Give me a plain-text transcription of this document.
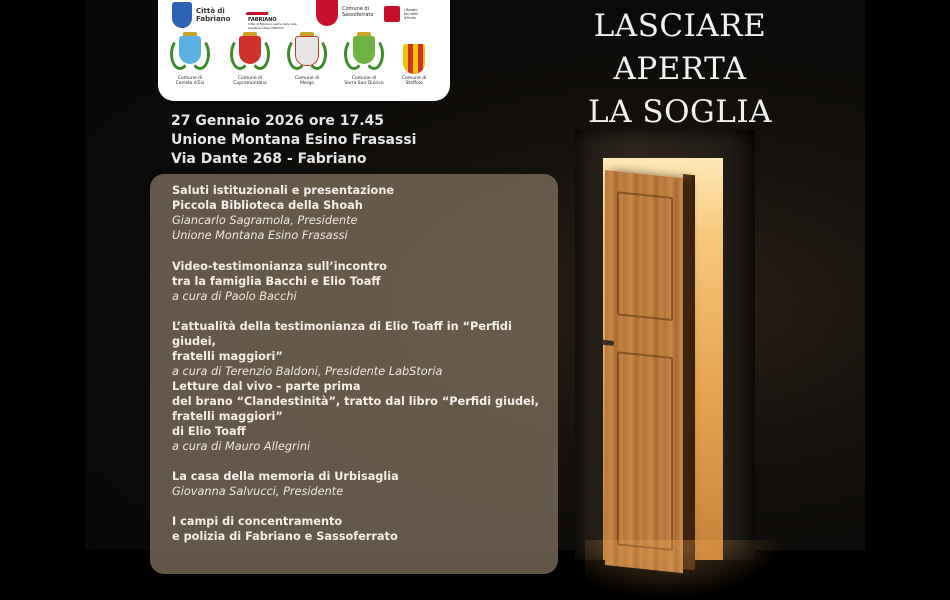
Città di
Fabriano	FABRIANO
Città di Fabriano parte della rete Creative Cities UNESCO
Comune di
Sassoferrato
I Borghi
più belli
d'Italia
Comune di
Cerreto d'Esi
Comune di
Cupramontana
Comune di
Mergo
Comune di
Serra San Quirico
Comune di
Staffolo
27 Gennaio 2026 ore 17.45
Unione Montana Esino Frasassi
Via Dante 268 - Fabriano
LASCIARE
APERTA
LA SOGLIA
Saluti istituzionali e presentazione
Piccola Biblioteca della Shoah
Giancarlo Sagramola, Presidente
Unione Montana Esino Frasassi
Video-testimonianza sull’incontro
tra la famiglia Bacchi e Elio Toaff
a cura di Paolo Bacchi
L’attualità della testimonianza di Elio Toaff in “Perfidi giudei,
fratelli maggiori”
a cura di Terenzio Baldoni, Presidente LabStoria
Letture dal vivo - parte prima
del brano “Clandestinità”, tratto dal libro “Perfidi giudei,
fratelli maggiori”
di Elio Toaff
a cura di Mauro Allegrini
La casa della memoria di Urbisaglia
Giovanna Salvucci, Presidente
I campi di concentramento
e polizia di Fabriano e Sassoferrato
